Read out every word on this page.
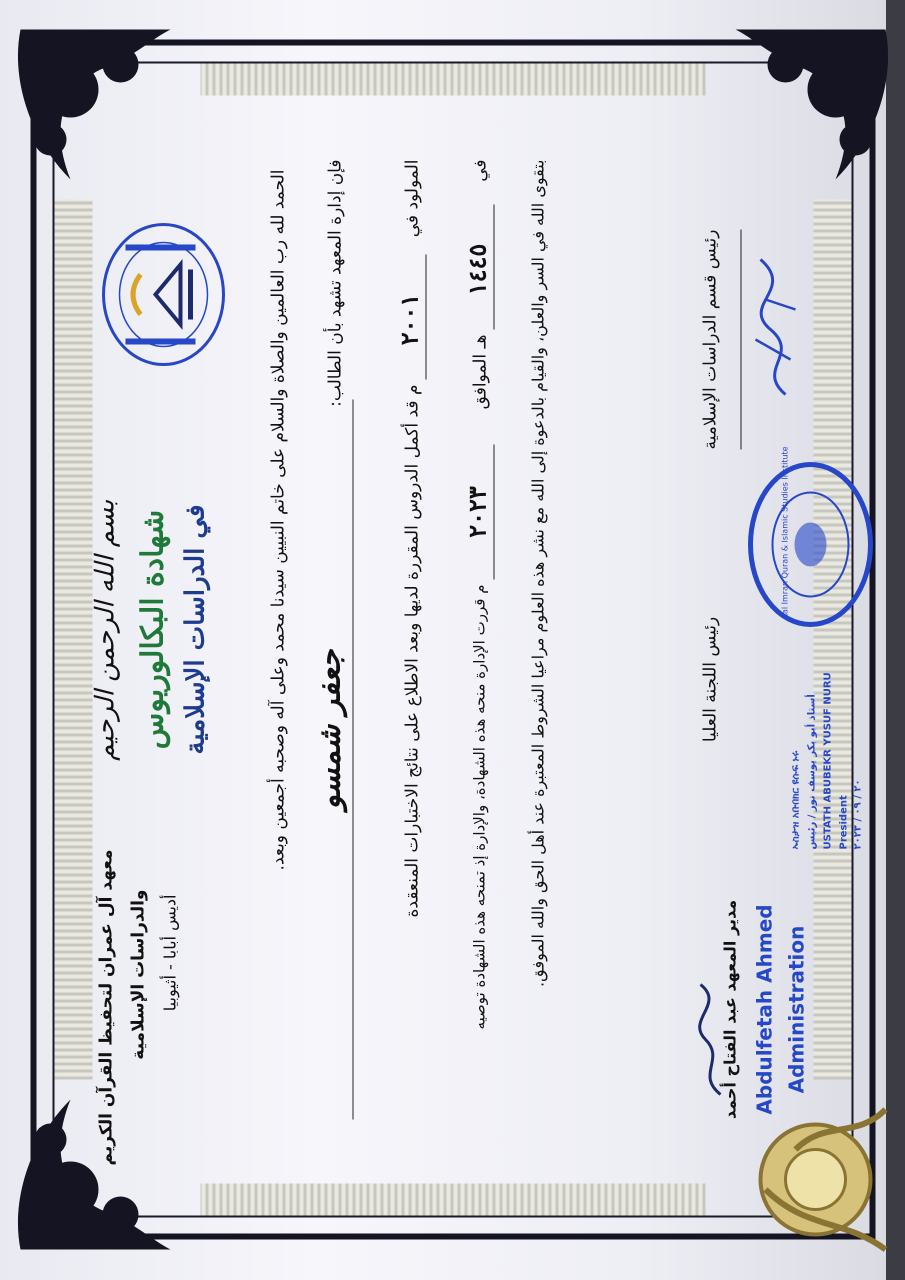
بسم الله الرحمن الرحيم شهادة البكالوريوس في الدراسات الإسلامية
معهد آل عمران لتحفيظ القرآن الكريم والدراسات الإسلامية أديس أبابا - أثيوبيا
الحمد لله رب العالمين والصلاة والسلام على خاتم النبيين سيدنا محمد وعلى آله وصحبه أجمعين وبعد. فإن إدارة المعهد تشهد بأن الطالب:
جعفر شمسو
المولود في
٢٠٠١
م قد أكمل الدروس المقررة لديها وبعد الاطلاع على نتائج الاختبارات المنعقدة
في
١٤٤٥
هـ الموافق
٢٠٢٣
م قررت الإدارة منحه هذه الشهادة، والإدارة إذ تمنحه هذه الشهادة توصيه	بتقوى الله في السر والعلن، والقيام بالدعوة إلى الله مع نشر هذه العلوم مراعيا الشروط المعتبرة عند أهل الحق والله الموفق.	رئيس قسم الدراسات الإسلامية
رئيس اللجنة العليا
Aal Imran Quran & Islamic Studies Institute
ኡስታዝ አቡበክር ዩሱፍ ኑሩ أستاذ أبو بكر يوسف نور / رئيس USTATH ABUBEKR YUSUF NURU President ٢٠ / ٠٩ / ٢٠٢٣
مدير المعهد عبد الفتاح أحمد Abdulfetah Ahmed Administration
